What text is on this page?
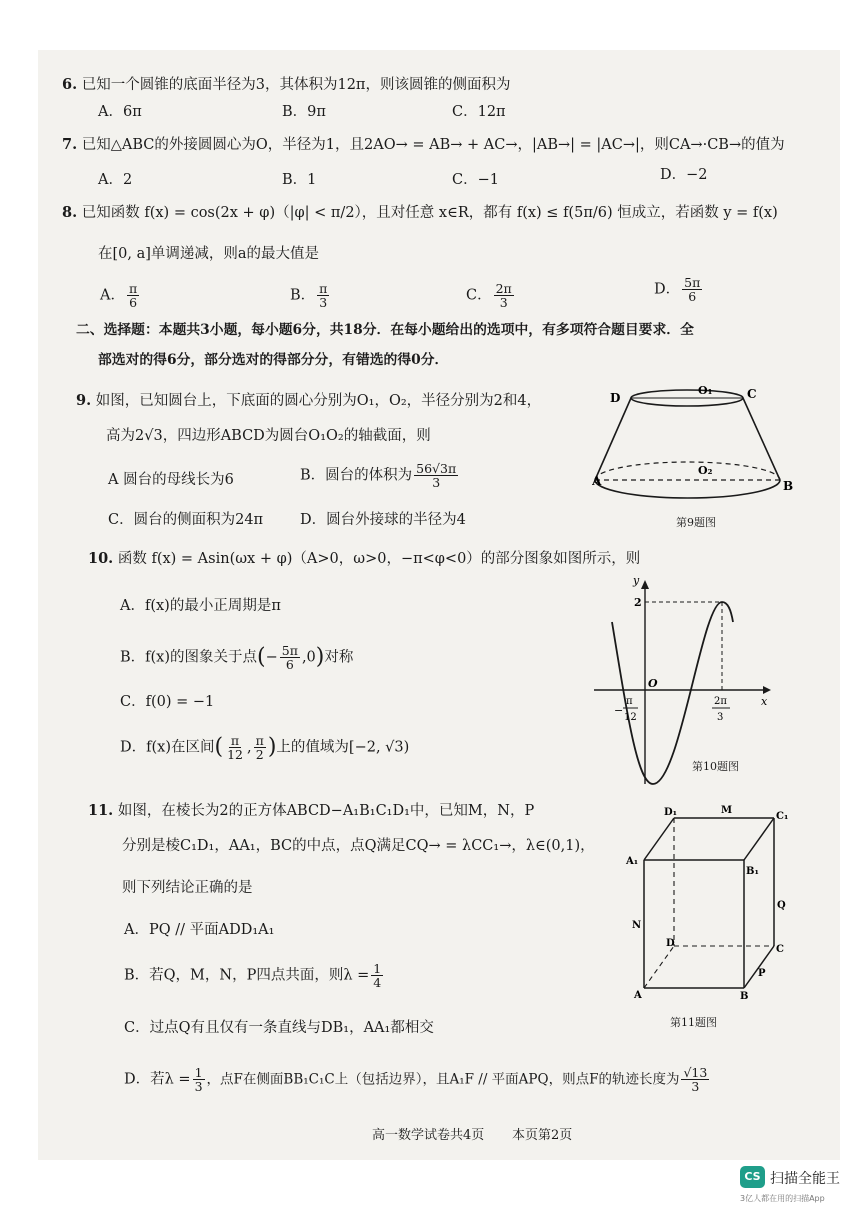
6. 已知一个圆锥的底面半径为3，其体积为12π，则该圆锥的侧面积为
A．6π	B．9π	C．12π
7. 已知△ABC的外接圆圆心为O，半径为1，且2AO→ = AB→ + AC→，|AB→| = |AC→|，则CA→·CB→的值为
A．2	B．1	C．−1	D．−2
8. 已知函数 f(x) = cos(2x + φ)（|φ| < π/2），且对任意 x∈R，都有 f(x) ≤ f(5π/6) 恒成立，若函数 y = f(x)
在[0, a]单调递减，则a的最大值是
A． $\frac{\pi}{6}$	B． $\frac{\pi}{3}$	C． $\frac{2\pi}{3}$	D． $\frac{5\pi}{6}$
二、选择题：本题共3小题，每小题6分，共18分．在每小题给出的选项中，有多项符合题目要求．全
部选对的得6分，部分选对的得部分分，有错选的得0分．
9. 如图，已知圆台上，下底面的圆心分别为O₁，O₂，半径分别为2和4，
高为2√3，四边形ABCD为圆台O₁O₂的轴截面，则
A 圆台的母线长为6	B．圆台的体积为 $\frac{56√3\pi}{3}$
C．圆台的侧面积为24π	D．圆台外接球的半径为4
D
O₁	C
A
O₂
B
第9题图
10. 函数 f(x) = Asin(ωx + φ)（A>0，ω>0，−π<φ<0）的部分图象如图所示，则
A．f(x)的最小正周期是π
B．f(x)的图象关于点(− $\frac{5\pi}{6} ,0$)对称
C．f(0) = −1
D．f(x)在区间( $\frac{\pi}{12}$ , $\frac{\pi}{2}$ )上的值域为[−2, √3)
y
x
O
2
−
π
12
2π
3
第10题图
11. 如图，在棱长为2的正方体ABCD−A₁B₁C₁D₁中，已知M，N，P
分别是棱C₁D₁，AA₁，BC的中点，点Q满足CQ→ = λCC₁→，λ∈(0,1)，
则下列结论正确的是
A．PQ // 平面ADD₁A₁
B．若Q，M，N，P四点共面，则$\lambda = \frac{1}{4}$
C．过点Q有且仅有一条直线与DB₁，AA₁都相交
D．若$\lambda = \frac{1}{3}$ ，点F在侧面BB₁C₁C上（包括边界），且A₁F // 平面APQ，则点F的轨迹长度为 $\frac{√13}{3}$
D₁	M
C₁
A₁
B₁
Q
N
D
C
P
A	B
第11题图
高一数学试卷共4页 本页第2页
CS 扫描全能王
3亿人都在用的扫描App
